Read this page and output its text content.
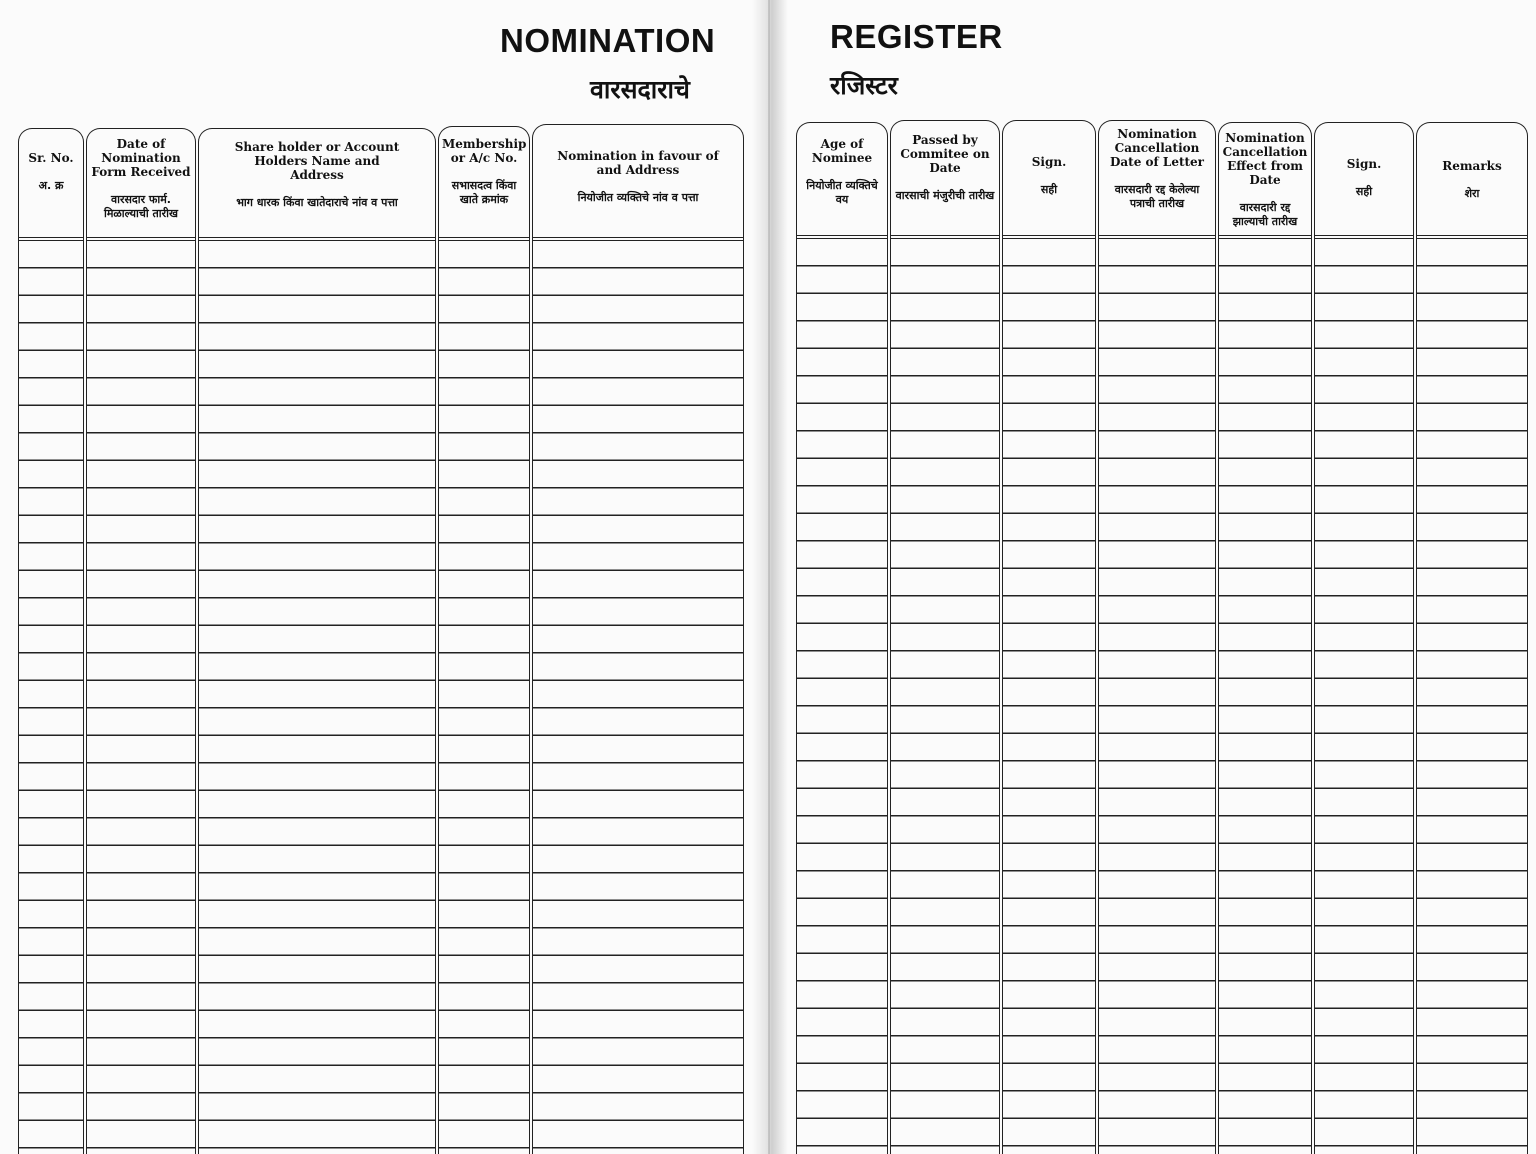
NOMINATION
वारसदाराचे
Sr. No.
अ. क्र
Date of Nomination Form Received
वारसदार फार्म. मिळाल्याची तारीख
Share holder or Account Holders Name and Address
भाग धारक किंवा खातेदाराचे नांव व पत्ता
Membership or A/c No.
सभासदत्व किंवा खाते क्रमांक
Nomination in favour of and Address
नियोजीत व्यक्तिचे नांव व पत्ता
REGISTER
रजिस्टर
Age of Nominee
नियोजीत व्यक्तिचे वय
Passed by Commitee on Date
वारसाची मंजुरीची तारीख
Sign.
सही
Nomination Cancellation Date of Letter
वारसदारी रद्द केलेल्या पत्राची तारीख
Nomination Cancellation Effect from Date
वारसदारी रद्द झाल्याची तारीख
Sign.
सही
Remarks
शेरा
